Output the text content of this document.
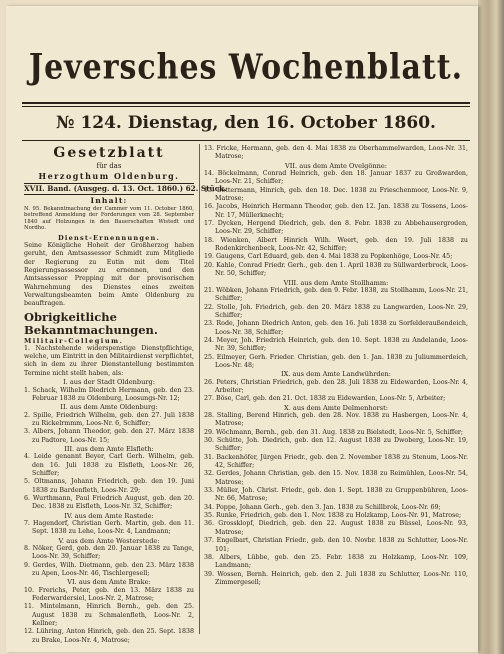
Jeversches Wochenblatt.
№ 124. Dienstag, den 16. October 1860.
Gesetzblatt
für das
Herzogthum Oldenburg.
XVII. Band. (Ausgeg. d. 13. Oct. 1860.) 62. Stück.
Inhalt:
N. 95. Bekanntmachung der Cammer vom 11. October 1860, betreffend Anmeldung der Forderungen vom 28. September 1840 auf Holzungen in den Bauerschaften Wistedt und Nordho.
Dienst-Ernennungen.
Seine Königliche Hoheit der Großherzog haben geruht, den Amtsassessor Schmidt zum Mitgliede der Regierung zu Eutin mit dem Titel Regierungsassessor zu ernennen, und den Amtsassessor Prepping mit der provisorischen Wahrnehmung des Dienstes eines zweiten Verwaltungsbeamten beim Amte Oldenburg zu beauftragen.
Obrigkeitliche Bekanntmachungen.
Militair-Collegium.
1. Nachstehende widerspenstige Dienstpflichtige, welche, um Eintritt in den Militairdienst verpflichtet, sich in dem zu ihrer Dienstantellung bestimmten Termine nicht stellt haben, als:
I. aus der Stadt Oldenburg:
1. Schack, Wilhelm Diedrich Hermann, geb. den 23. Februar 1838 zu Oldenburg, Loosungs-Nr. 12;
II. aus dem Amte Oldenburg:
2. Spille, Friedrich Wilhelm, geb. den 27. Juli 1838 zu Rickelrmmm, Loos-Nr. 6, Schiffer;
3. Albers, Johann Theodor, geb. den 27. März 1838 zu Padtore, Loos-Nr. 15;
III. aus dem Amte Elsfleth:
4. Leide genannt Beyer, Carl Gerh. Wilhelm, geb. den 16. Juli 1838 zu Elsfleth, Loos-Nr. 26, Schiffer;
5. Oltmanns, Johann Friedrich, geb. den 19. Juni 1838 zu Bardenfleth, Loos-Nr. 29;
6. Wurthmann, Paul Friedrich August, geb. den 20. Dec. 1838 zu Elsfleth, Loos-Nr. 32, Schiffer;
IV. aus dem Amte Rastede:
7. Hagendorf, Christian Gerh. Martin, geb. den 11. Sept. 1838 zu Lehe, Loos-Nr. 4, Landmann;
V. aus dem Amte Westerstede:
8. Nöker, Gerd, geb. den 20. Januar 1838 zu Tange, Loos-Nr. 39, Schiffer;
9. Gerdes, Wilh. Dietmann, geb. den 23. März 1838 zu Apen, Loos-Nr. 46, Tischlergesell;
VI. aus dem Amte Brake:
10. Frerichs, Peter, geb. den 13. März 1838 zu Federwardersiel, Loos-Nr. 2, Matrose;
11. Mintelmann, Hinrich Bernh., geb. den 25. August 1838 zu Schmalenfleth, Loos-Nr. 2, Kellner;
12. Lühring, Anton Hinrich, geb. den 25. Sept. 1838 zu Brake, Loos-Nr. 4, Matrose;
13. Fricke, Hermann, geb. den 4. Mai 1838 zu Oberhammelwarden, Loos-Nr. 31, Matrose;
VII. aus dem Amte Ovelgönne:
14. Böckelmann, Conrad Heinrich, geb. den 18. Januar 1837 zu Großwarden, Loos-Nr. 21, Schiffer;
15. Bottermann, Hinrich, geb. den 18. Dec. 1838 zu Frieschenmoor, Loos-Nr. 9, Matrose;
16. Jacobs, Heinrich Hermann Theodor, geb. den 12. Jan. 1838 zu Tossens, Loos-Nr. 17, Müllerknecht;
17. Dycken, Hergend Diedrich, geb. den 8. Febr. 1838 zu Abbehausergroden, Loos-Nr. 29, Schiffer;
18. Wienken, Albert Hinrich Wilh. Weert, geb. den 19. Juli 1838 zu Rodenkirchenbeck, Loos-Nr. 42, Schiffer;
19. Gaugens, Carl Eduard, geb. den 4. Mai 1838 zu Popkenhöge, Loos-Nr. 45;
20. Kahle, Conrad Friedr. Gerh., geb. den 1. April 1838 zu Süllwarderbrock, Loos-Nr. 50, Schiffer;
VIII. aus dem Amte Stollhamm:
21. Wöbken, Johann Friedrich, geb. den 9. Febr. 1838, zu Stollhamm, Loos-Nr. 21, Schiffer;
22. Stolle, Joh. Friedrich, geb. den 20. März 1838 zu Langwarden, Loos-Nr. 29, Schiffer;
23. Rode, Johann Diedrich Anton, geb. den 16. Juli 1838 zu Sorfelderaußendeich, Loos-Nr. 38, Schiffer;
24. Meyer, Joh. Friedrich Heinrich, geb. den 10. Sept. 1838 zu Andelande, Loos-Nr. 39, Schiffer;
25. Eilmeyer, Gerh. Frieder. Christian, geb. den 1. Jan. 1838 zu Juliummerdeich, Loos-Nr. 48;
IX. aus dem Amte Landwührden:
26. Peters, Christian Friedrich, geb. den 28. Juli 1838 zu Eidewarden, Loos-Nr. 4, Arbeiter;
27. Böse, Carl, geb. den 21. Oct. 1838 zu Eidewarden, Loos-Nr. 5, Arbeiter;
X. aus dem Amte Delmenhorst:
28. Stalling, Berend Hinrich, geb. den 28. Nov. 1838 zu Hasbergen, Loos-Nr. 4, Matrose;
29. Wöchmann, Bernh., geb. den 31. Aug. 1838 zu Bielstedt, Loos-Nr. 5, Schiffer;
30. Schütte, Joh. Diedrich, geb. den 12. August 1838 zu Dwoberg, Loos-Nr. 19, Schiffer;
31. Backenhöfer, Jürgen Friedr., geb. den 2. November 1838 zu Stenum, Loos-Nr. 42, Schiffer;
32. Gerdes, Johann Christian, geb. den 15. Nov. 1838 zu Reimühlen, Loos-Nr. 54, Matrose;
33. Müller, Joh. Christ. Friedr., geb. den 1. Sept. 1838 zu Gruppenbühren, Loos-Nr. 66, Matrose;
34. Poppe, Johann Gerh., geb. den 3. Jan. 1838 zu Schillbrok, Loos-Nr. 69;
35. Runke, Friedrich, geb. den 1. Nov. 1838 zu Holzkamp, Loos-Nr. 91, Matrose;
36. Grossklopf, Diedrich, geb. den 22. August 1838 zu Büssel, Loos-Nr. 93, Matrose;
37. Engelbart, Christian Friedr., geb. den 10. Novbr. 1838 zu Schlutter, Loos-Nr. 101;
38. Albers, Lübbe, geb. den 25. Febr. 1838 zu Holzkamp, Loos-Nr. 109, Landmann;
39. Wossen, Bernh. Heinrich, geb. den 2. Juli 1838 zu Schlutter, Loos-Nr. 110, Zimmergesell;
